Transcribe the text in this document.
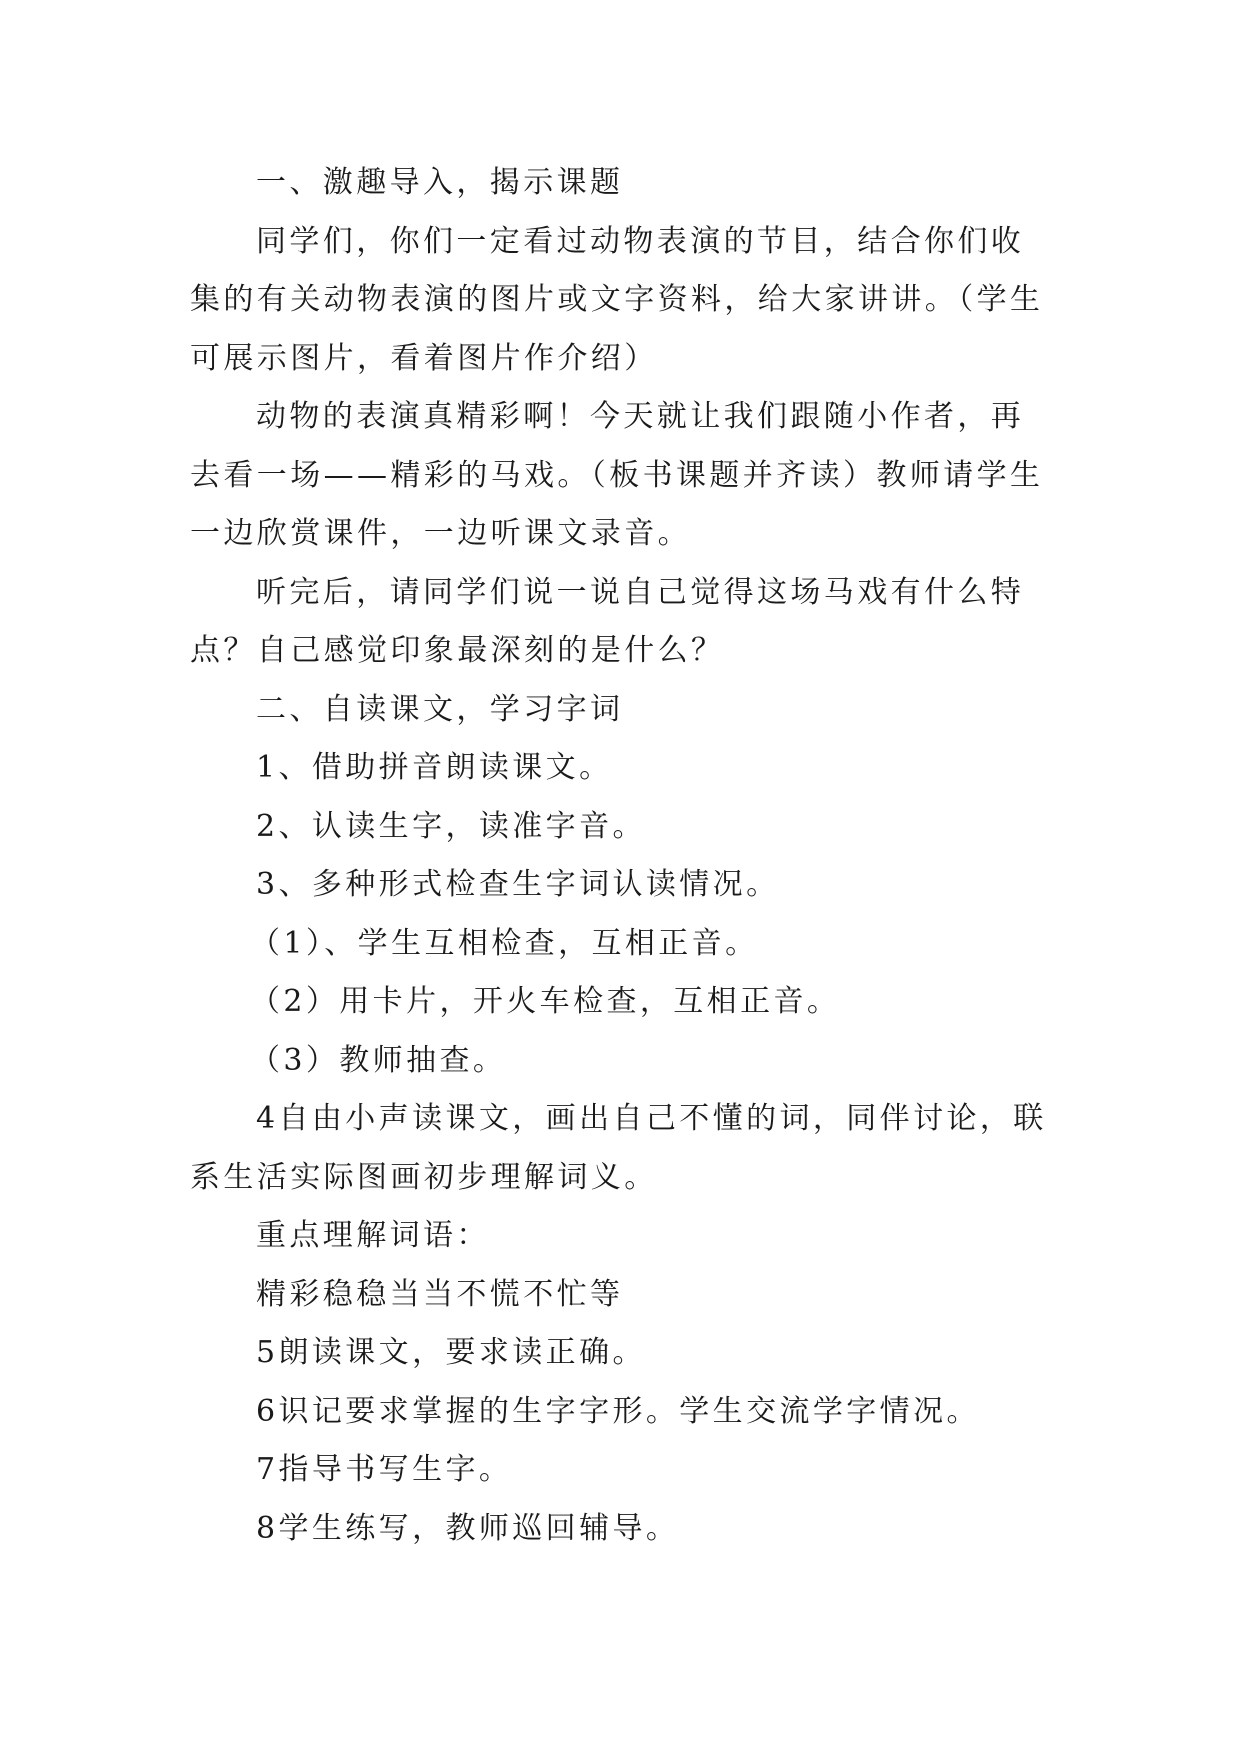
一、激趣导入，揭示课题

同学们，你们一定看过动物表演的节目，结合你们收集的有关动物表演的图片或文字资料，给大家讲讲。（学生可展示图片，看着图片作介绍）

动物的表演真精彩啊！今天就让我们跟随小作者，再去看一场——精彩的马戏。（板书课题并齐读）教师请学生一边欣赏课件，一边听课文录音。

听完后，请同学们说一说自己觉得这场马戏有什么特点？自己感觉印象最深刻的是什么？

二、自读课文，学习字词

1、借助拼音朗读课文。

2、认读生字，读准字音。

3、多种形式检查生字词认读情况。

（1）、学生互相检查，互相正音。

（2）用卡片，开火车检查，互相正音。

（3）教师抽查。

4自由小声读课文，画出自己不懂的词，同伴讨论，联系生活实际图画初步理解词义。

重点理解词语：

精彩稳稳当当不慌不忙等

5朗读课文，要求读正确。

6识记要求掌握的生字字形。学生交流学字情况。

7指导书写生字。

8学生练写，教师巡回辅导。
